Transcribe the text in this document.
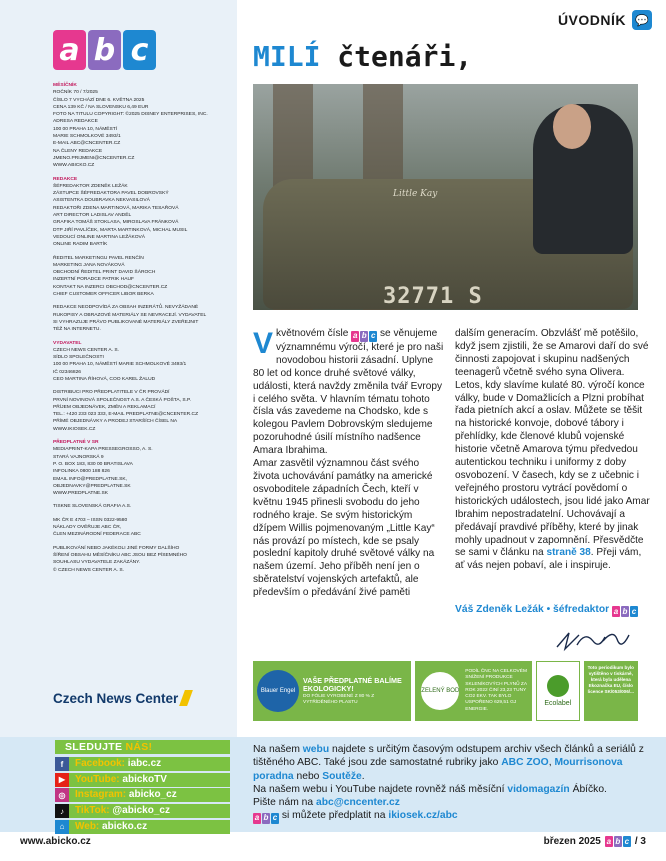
a b c
MĚSÍČNÍK
ROČNÍK 70 / 7/2025
ČÍSLO 7 VYCHÁZÍ DNE 6. KVĚTNA 2025
CENA 139 KČ / NA SLOVENSKU 6,49 EUR
FOTO NA TITULU COPYRIGHT: ©2025 DISNEY ENTERPRISES, INC.
ADRESA REDAKCE
100 00 PRAHA 10, NÁMĚSTÍ
MARIE SCHMOLKOVÉ 3493/1
E-MAIL ABC@CNCENTER.CZ
NA ČLENY REDAKCE
JMENO.PRIJMENI@CNCENTER.CZ
WWW.ABICKO.CZ
REDAKCE
ŠÉFREDAKTOR ZDENĚK LEŽÁK
ZÁSTUPCE ŠÉFREDAKTORA PAVEL DOBROVSKÝ
ASISTENTKA DOUBRAVKA NEKVASILOVÁ
REDAKTOŘI ZDENA MARTINOVÁ, MARIKA TESAŘOVÁ
ART DIRECTOR LADISLAV ANDĚL
GRAFIKA TOMÁŠ STOKLASA, MIROSLAVA FRÁNKOVÁ
DTP JIŘÍ PAVLÍČEK, MARTA MARTINKOVÁ, MICHAL MUSIL
VEDOUCÍ ONLINE MARTINA LEŽÁKOVÁ
ONLINE RADIM BARTÍK
ŘEDITEL MARKETINGU PAVEL RENČÍN
MARKETING JANA NOVÁKOVÁ
OBCHODNÍ ŘEDITEL PRINT DAVID ŠÁROCH
INZERTNÍ PORADCE PATRIK HAUF
KONTAKT NA INZERCI OBCHOD@CNCENTER.CZ
CHIEF CUSTOMER OFFICER LIBOR BERKA
REDAKCE NEODPOVÍDÁ ZA OBSAH INZERÁTŮ. NEVYŽÁDANÉ
RUKOPISY A OBRAZOVÉ MATERIÁLY SE NEVRACEJÍ. VYDAVATEL
SI VYHRAZUJE PRÁVO PUBLIKOVANÉ MATERIÁLY ZVEŘEJNIT
TÉŽ NA INTERNETU.
VYDAVATEL
CZECH NEWS CENTER A. S.
SÍDLO SPOLEČNOSTI
100 00 PRAHA 10, NÁMĚSTÍ MARIE SCHMOLKOVÉ 3493/1
IČ 02346826
CEO MARTINA ŘÍHOVÁ, COO KAREL ŽALUD
DISTRIBUCI PRO PŘEDPLATITELE V ČR PROVÁDÍ
PRVNÍ NOVINOVÁ SPOLEČNOST A.S. A ČESKÁ POŠTA, S.P.
PŘÍJEM OBJEDNÁVEK, ZMĚN A REKLAMACÍ
TEL.: +420 233 023 333, E-MAIL PREDPLATNE@CNCENTER.CZ
PŘÍMÉ OBJEDNÁVKY A PRODEJ STARŠÍCH ČÍSEL NA
WWW.IKIOSEK.CZ
PŘEDPLATNÉ V SR
MEDIAPRINT-KAPA PRESSEGROSSO, A. S.
STARÁ VAJNORSKÁ 9
P. O. BOX 183, 830 00 BRATISLAVA
INFOLINKA 0800 188 826
EMAIL INFO@PREDPLATNE.SK,
OBJEDNAVKY@PREDPLATNE.SK
WWW.PREDPLATNE.SK
TISKNE SLOVENSKÁ GRAFIA A.S.
MK ČR E 4703 – ISSN 0322-9580
NÁKLADY OVĚŘUJE ABC ČR,
ČLEN MEZINÁRODNÍ FEDERACE ABC
PUBLIKOVÁNÍ NEBO JAKÉKOLI JINÉ FORMY DALŠÍHO
ŠÍŘENÍ OBSAHU MĚSÍČNÍKU ABC JSOU BEZ PÍSEMNÉHO
SOUHLASU VYDAVATELE ZAKÁZÁNY.
© CZECH NEWS CENTER A. S.
Czech News Center
ÚVODNÍK 💬
MILÍ čtenáři,
Little Kay
32771 S
V květnovém čísle a b c se věnujeme významnému výročí, které je pro naši novodobou historii zásadní. Uplyne 80 let od konce druhé světové války, události, která navždy změnila tvář Evropy i celého světa. V hlavním tématu tohoto čísla vás zavedeme na Chodsko, kde s kolegou Pavlem Dobrovským sledujeme pozoruhodné úsilí místního nadšence Amara Ibrahima.
Amar zasvětil významnou část svého života uchovávání památky na americké osvoboditele západních Čech, kteří v květnu 1945 přinesli svobodu do jeho rodného kraje. Se svým historickým džípem Willis pojmenovaným „Little Kay“ nás provází po místech, kde se psaly poslední kapitoly druhé světové války na našem území. Jeho příběh není jen o sběratelství vojenských artefaktů, ale především o předávání živé paměti
dalším generacím. Obzvlášť mě potěšilo, když jsem zjistili, že se Amarovi daří do své činnosti zapojovat i skupinu nadšených teenagerů včetně svého syna Olivera. Letos, kdy slavíme kulaté 80. výročí konce války, bude v Domažlicích a Plzni probíhat řada pietních akcí a oslav. Můžete se těšit na historické konvoje, dobové tábory i přehlídky, kde členové klubů vojenské historie včetně Amarova týmu předvedou autentickou techniku i uniformy z doby osvobození. V časech, kdy se z učebnic i veřejného prostoru vytrácí povědomí o historických událostech, jsou lidé jako Amar Ibrahim nepostradatelní. Uchovávají a předávají pravdivé příběhy, které by jinak mohly upadnout v zapomnění. Přesvědčte se sami v článku na straně 38. Přeji vám, ať vás nejen pobaví, ale i inspiruje.
Váš Zdeněk Ležák • šéfredaktor a b c
Blauer Engel
VAŠE PŘEDPLATNÉ BALÍME EKOLOGICKY!
DO FÓLIE VYROBENÉ Z 80 % Z VYTŘÍDĚNÉHO PLASTU
ZELENÝ BOD
PODÍL ČNC NA CELKOVÉM SNÍŽENÍ PRODUKCE SKLENÍKOVÝCH PLYNŮ ZA ROK 2022 ČINÍ 23,23 TUNY CO2 EKV. TAK BYLO USPOŘENO 629,51 GJ ENERGIE.
Ecolabel
Toto periodikum bylo vytištěno v tiskárně, která byla udělena Ekoznačka EU, číslo licence SK/053/006/...
SLEDUJTE NÁS!
f	Facebook: iabc.cz
▶ YouTube: abickoTV
◎ Instagram: abicko_cz
♪	TikTok: @abicko_cz
⌂	Web: abicko.cz
Na našem webu najdete s určitým časovým odstupem archiv všech článků a seriálů z tištěného ABC. Také jsou zde samostatné rubriky jako ABC ZOO, Mourrisonova poradna nebo Soutěže.
Na našem webu i YouTube najdete rovněž náš měsíční vidomagazín Ábíčko.
Pište nám na abc@cncenter.cz

a b c si můžete předplatit na ikiosek.cz/abc
www.abicko.cz	březen 2025 a b c / 3
